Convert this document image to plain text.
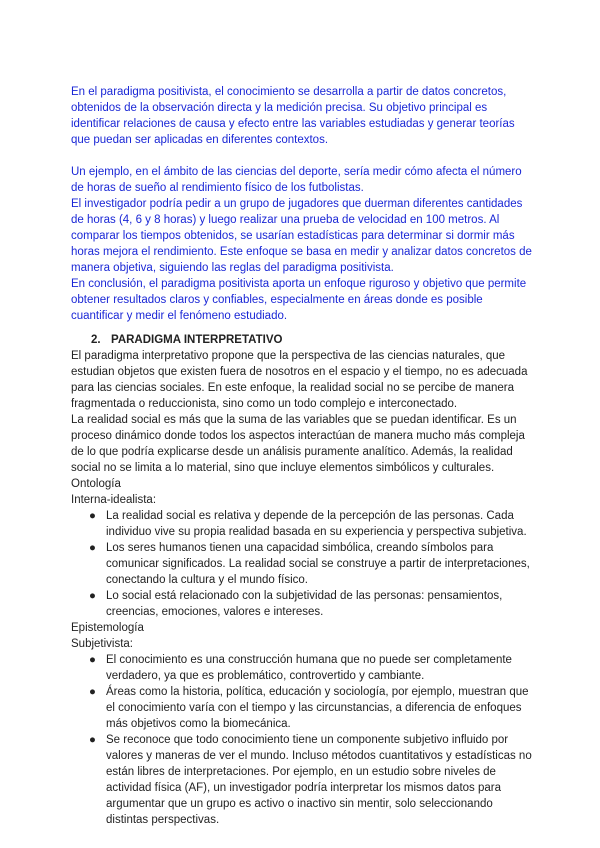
En el paradigma positivista, el conocimiento se desarrolla a partir de datos concretos, obtenidos de la observación directa y la medición precisa. Su objetivo principal es identificar relaciones de causa y efecto entre las variables estudiadas y generar teorías que puedan ser aplicadas en diferentes contextos.

Un ejemplo, en el ámbito de las ciencias del deporte, sería medir cómo afecta el número de horas de sueño al rendimiento físico de los futbolistas.

El investigador podría pedir a un grupo de jugadores que duerman diferentes cantidades de horas (4, 6 y 8 horas) y luego realizar una prueba de velocidad en 100 metros. Al comparar los tiempos obtenidos, se usarían estadísticas para determinar si dormir más horas mejora el rendimiento. Este enfoque se basa en medir y analizar datos concretos de manera objetiva, siguiendo las reglas del paradigma positivista.

En conclusión, el paradigma positivista aporta un enfoque riguroso y objetivo que permite obtener resultados claros y confiables, especialmente en áreas donde es posible cuantificar y medir el fenómeno estudiado.

2. PARADIGMA INTERPRETATIVO

El paradigma interpretativo propone que la perspectiva de las ciencias naturales, que estudian objetos que existen fuera de nosotros en el espacio y el tiempo, no es adecuada para las ciencias sociales. En este enfoque, la realidad social no se percibe de manera fragmentada o reduccionista, sino como un todo complejo e interconectado.

La realidad social es más que la suma de las variables que se puedan identificar. Es un proceso dinámico donde todos los aspectos interactúan de manera mucho más compleja de lo que podría explicarse desde un análisis puramente analítico. Además, la realidad social no se limita a lo material, sino que incluye elementos simbólicos y culturales.

Ontología

Interna-idealista:

● La realidad social es relativa y depende de la percepción de las personas. Cada individuo vive su propia realidad basada en su experiencia y perspectiva subjetiva.
● Los seres humanos tienen una capacidad simbólica, creando símbolos para comunicar significados. La realidad social se construye a partir de interpretaciones, conectando la cultura y el mundo físico.
● Lo social está relacionado con la subjetividad de las personas: pensamientos, creencias, emociones, valores e intereses.

Epistemología

Subjetivista:

● El conocimiento es una construcción humana que no puede ser completamente verdadero, ya que es problemático, controvertido y cambiante.
● Áreas como la historia, política, educación y sociología, por ejemplo, muestran que el conocimiento varía con el tiempo y las circunstancias, a diferencia de enfoques más objetivos como la biomecánica.
● Se reconoce que todo conocimiento tiene un componente subjetivo influido por valores y maneras de ver el mundo. Incluso métodos cuantitativos y estadísticas no están libres de interpretaciones. Por ejemplo, en un estudio sobre niveles de actividad física (AF), un investigador podría interpretar los mismos datos para argumentar que un grupo es activo o inactivo sin mentir, solo seleccionando distintas perspectivas.
